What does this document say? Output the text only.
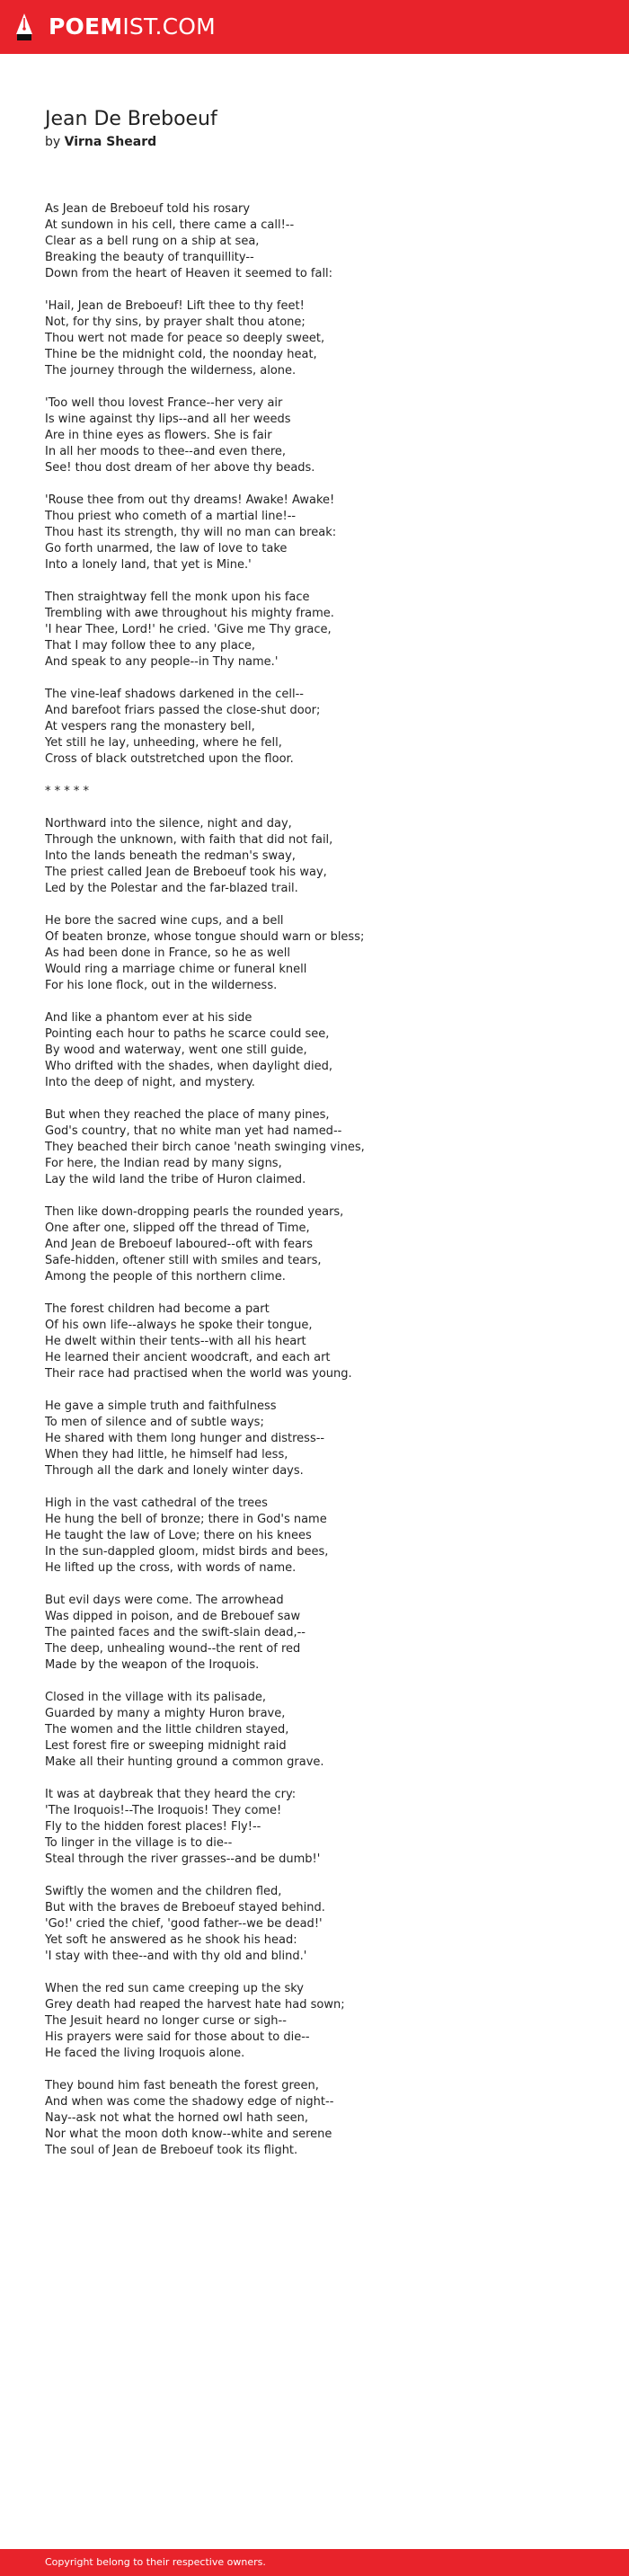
POEMIST.COM
Jean De Breboeuf
by Virna Sheard
As Jean de Breboeuf told his rosary
At sundown in his cell, there came a call!--
Clear as a bell rung on a ship at sea,
Breaking the beauty of tranquillity--
Down from the heart of Heaven it seemed to fall:
'Hail, Jean de Breboeuf! Lift thee to thy feet!
Not, for thy sins, by prayer shalt thou atone;
Thou wert not made for peace so deeply sweet,
Thine be the midnight cold, the noonday heat,
The journey through the wilderness, alone.
'Too well thou lovest France--her very air
Is wine against thy lips--and all her weeds
Are in thine eyes as flowers. She is fair
In all her moods to thee--and even there,
See! thou dost dream of her above thy beads.
'Rouse thee from out thy dreams! Awake! Awake!
Thou priest who cometh of a martial line!--
Thou hast its strength, thy will no man can break:
Go forth unarmed, the law of love to take
Into a lonely land, that yet is Mine.'
Then straightway fell the monk upon his face
Trembling with awe throughout his mighty frame.
'I hear Thee, Lord!' he cried. 'Give me Thy grace,
That I may follow thee to any place,
And speak to any people--in Thy name.'
The vine-leaf shadows darkened in the cell--
And barefoot friars passed the close-shut door;
At vespers rang the monastery bell,
Yet still he lay, unheeding, where he fell,
Cross of black outstretched upon the floor.
* * * * *
Northward into the silence, night and day,
Through the unknown, with faith that did not fail,
Into the lands beneath the redman's sway,
The priest called Jean de Breboeuf took his way,
Led by the Polestar and the far-blazed trail.
He bore the sacred wine cups, and a bell
Of beaten bronze, whose tongue should warn or bless;
As had been done in France, so he as well
Would ring a marriage chime or funeral knell
For his lone flock, out in the wilderness.
And like a phantom ever at his side
Pointing each hour to paths he scarce could see,
By wood and waterway, went one still guide,
Who drifted with the shades, when daylight died,
Into the deep of night, and mystery.
But when they reached the place of many pines,
God's country, that no white man yet had named--
They beached their birch canoe 'neath swinging vines,
For here, the Indian read by many signs,
Lay the wild land the tribe of Huron claimed.
Then like down-dropping pearls the rounded years,
One after one, slipped off the thread of Time,
And Jean de Breboeuf laboured--oft with fears
Safe-hidden, oftener still with smiles and tears,
Among the people of this northern clime.
The forest children had become a part
Of his own life--always he spoke their tongue,
He dwelt within their tents--with all his heart
He learned their ancient woodcraft, and each art
Their race had practised when the world was young.
He gave a simple truth and faithfulness
To men of silence and of subtle ways;
He shared with them long hunger and distress--
When they had little, he himself had less,
Through all the dark and lonely winter days.
High in the vast cathedral of the trees
He hung the bell of bronze; there in God's name
He taught the law of Love; there on his knees
In the sun-dappled gloom, midst birds and bees,
He lifted up the cross, with words of name.
But evil days were come. The arrowhead
Was dipped in poison, and de Brebouef saw
The painted faces and the swift-slain dead,--
The deep, unhealing wound--the rent of red
Made by the weapon of the Iroquois.
Closed in the village with its palisade,
Guarded by many a mighty Huron brave,
The women and the little children stayed,
Lest forest fire or sweeping midnight raid
Make all their hunting ground a common grave.
It was at daybreak that they heard the cry:
'The Iroquois!--The Iroquois! They come!
Fly to the hidden forest places! Fly!--
To linger in the village is to die--
Steal through the river grasses--and be dumb!'
Swiftly the women and the children fled,
But with the braves de Breboeuf stayed behind.
'Go!' cried the chief, 'good father--we be dead!'
Yet soft he answered as he shook his head:
'I stay with thee--and with thy old and blind.'
When the red sun came creeping up the sky
Grey death had reaped the harvest hate had sown;
The Jesuit heard no longer curse or sigh--
His prayers were said for those about to die--
He faced the living Iroquois alone.
They bound him fast beneath the forest green,
And when was come the shadowy edge of night--
Nay--ask not what the horned owl hath seen,
Nor what the moon doth know--white and serene
The soul of Jean de Breboeuf took its flight.
Copyright belong to their respective owners.
